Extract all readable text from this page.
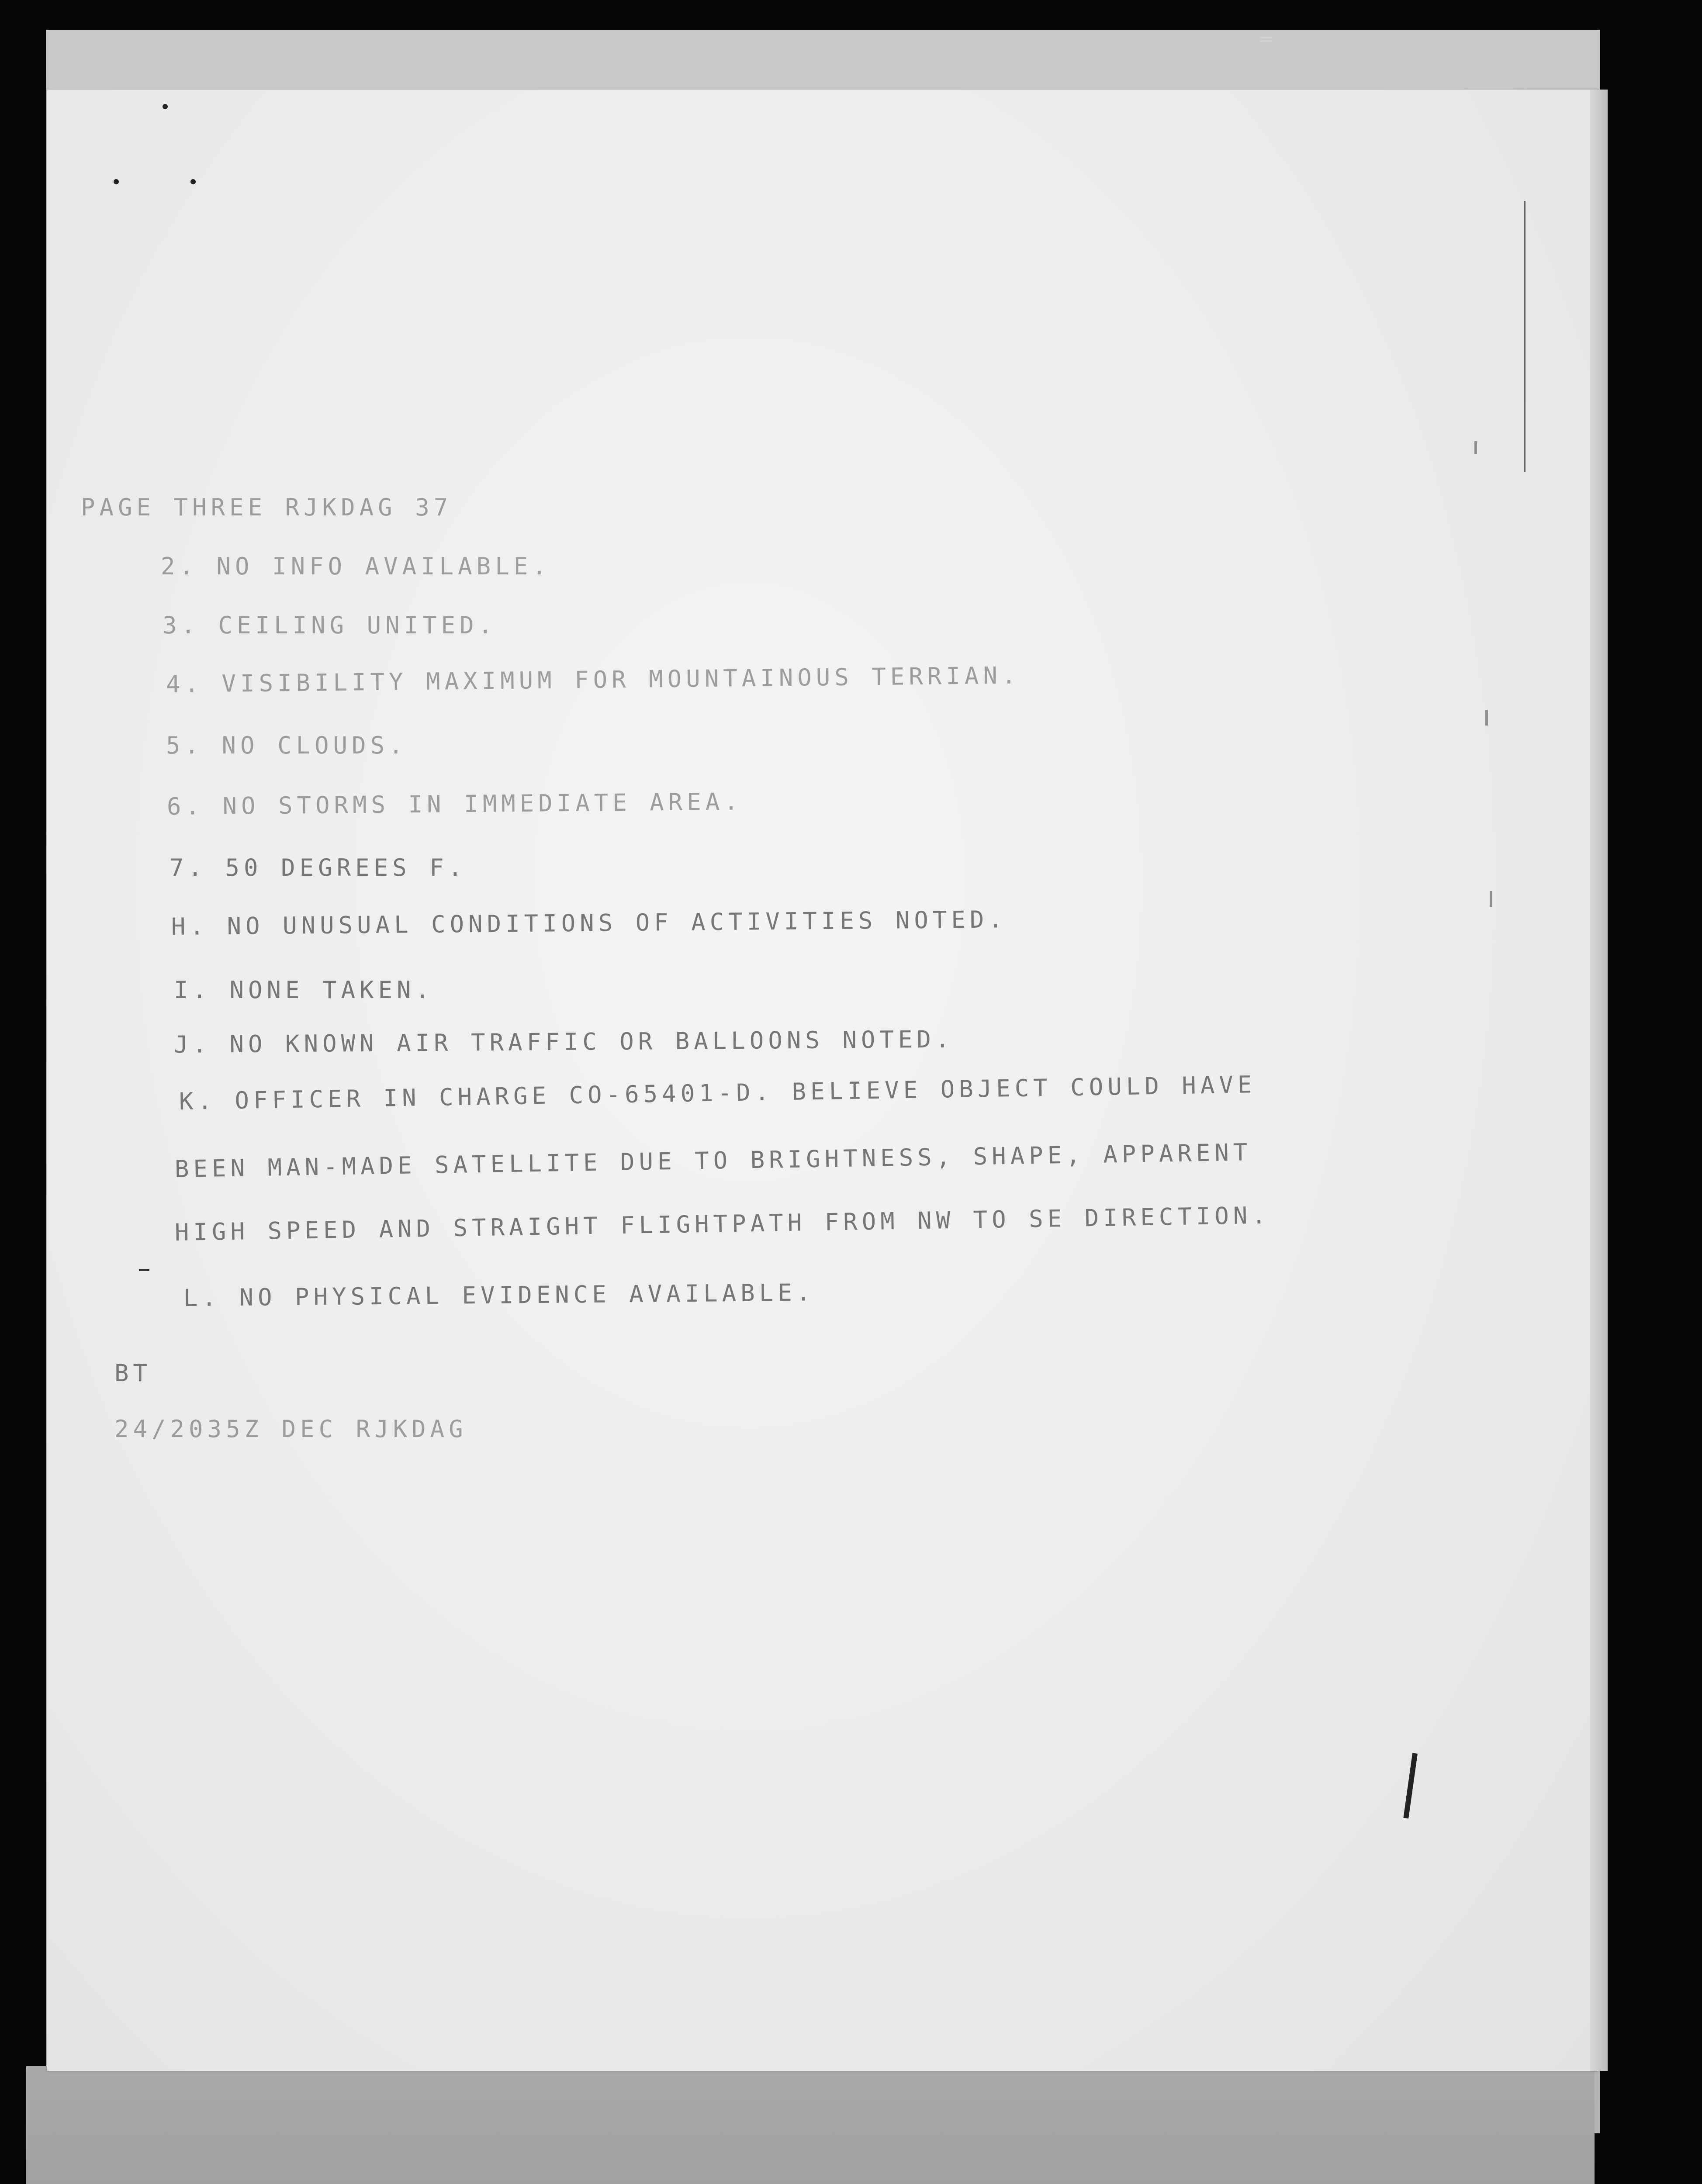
⁼
PAGE THREE RJKDAG 37
2. NO INFO AVAILABLE.
3. CEILING UNITED.
4. VISIBILITY MAXIMUM FOR MOUNTAINOUS TERRIAN.
5. NO CLOUDS.
6. NO STORMS IN IMMEDIATE AREA.
7. 50 DEGREES F.
H. NO UNUSUAL CONDITIONS OF ACTIVITIES NOTED.
I. NONE TAKEN.
J. NO KNOWN AIR TRAFFIC OR BALLOONS NOTED.
K. OFFICER IN CHARGE CO-65401-D. BELIEVE OBJECT COULD HAVE
BEEN MAN-MADE SATELLITE DUE TO BRIGHTNESS, SHAPE, APPARENT
HIGH SPEED AND STRAIGHT FLIGHTPATH FROM NW TO SE DIRECTION.
L. NO PHYSICAL EVIDENCE AVAILABLE.
BT
24/2035Z DEC RJKDAG
|
